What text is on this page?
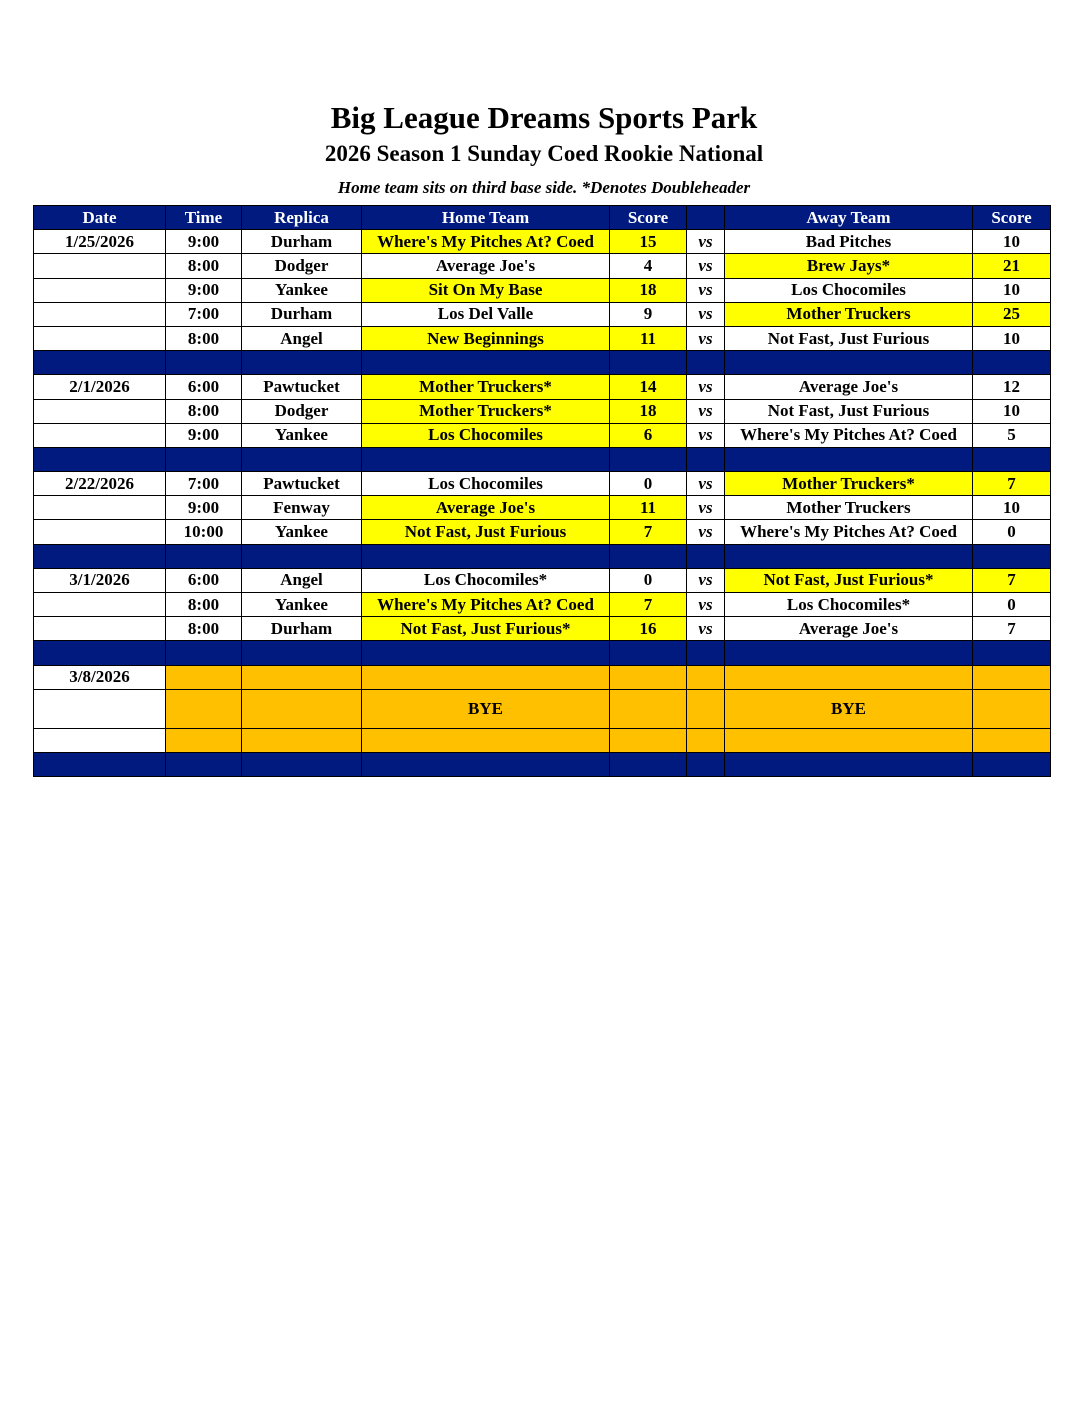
Big League Dreams Sports Park
2026 Season 1 Sunday Coed Rookie National
Home team sits on third base side. *Denotes Doubleheader
Date	Time	Replica	Home Team	Score		Away Team	Score
1/25/2026	9:00	Durham	Where's My Pitches At? Coed	15	vs	Bad Pitches	10
	8:00	Dodger	Average Joe's	4	vs	Brew Jays*	21
	9:00	Yankee	Sit On My Base	18	vs	Los Chocomiles	10
	7:00	Durham	Los Del Valle	9	vs	Mother Truckers	25
	8:00	Angel	New Beginnings	11	vs	Not Fast, Just Furious	10

2/1/2026	6:00	Pawtucket	Mother Truckers*	14	vs	Average Joe's	12
	8:00	Dodger	Mother Truckers*	18	vs	Not Fast, Just Furious	10
	9:00	Yankee	Los Chocomiles	6	vs	Where's My Pitches At? Coed	5

2/22/2026	7:00	Pawtucket	Los Chocomiles	0	vs	Mother Truckers*	7
	9:00	Fenway	Average Joe's	11	vs	Mother Truckers	10
	10:00	Yankee	Not Fast, Just Furious	7	vs	Where's My Pitches At? Coed	0

3/1/2026	6:00	Angel	Los Chocomiles*	0	vs	Not Fast, Just Furious*	7
	8:00	Yankee	Where's My Pitches At? Coed	7	vs	Los Chocomiles*	0
	8:00	Durham	Not Fast, Just Furious*	16	vs	Average Joe's	7

3/8/2026							
			BYE			BYE	
